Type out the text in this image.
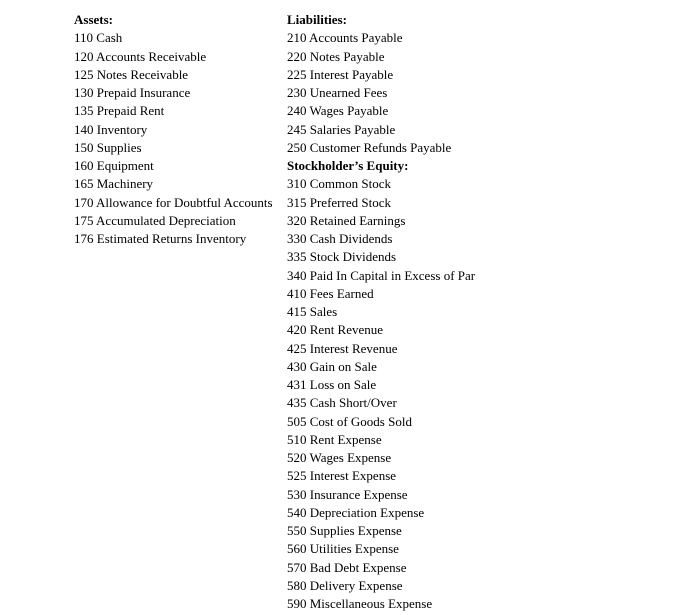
Assets:
110 Cash
120 Accounts Receivable
125 Notes Receivable
130 Prepaid Insurance
135 Prepaid Rent
140 Inventory
150 Supplies
160 Equipment
165 Machinery
170 Allowance for Doubtful Accounts
175 Accumulated Depreciation
176 Estimated Returns Inventory
Liabilities:
210 Accounts Payable
220 Notes Payable
225 Interest Payable
230 Unearned Fees
240 Wages Payable
245 Salaries Payable
250 Customer Refunds Payable
Stockholder’s Equity:
310 Common Stock
315 Preferred Stock
320 Retained Earnings
330 Cash Dividends
335 Stock Dividends
340 Paid In Capital in Excess of Par
410 Fees Earned
415 Sales
420 Rent Revenue
425 Interest Revenue
430 Gain on Sale
431 Loss on Sale
435 Cash Short/Over
505 Cost of Goods Sold
510 Rent Expense
520 Wages Expense
525 Interest Expense
530 Insurance Expense
540 Depreciation Expense
550 Supplies Expense
560 Utilities Expense
570 Bad Debt Expense
580 Delivery Expense
590 Miscellaneous Expense
